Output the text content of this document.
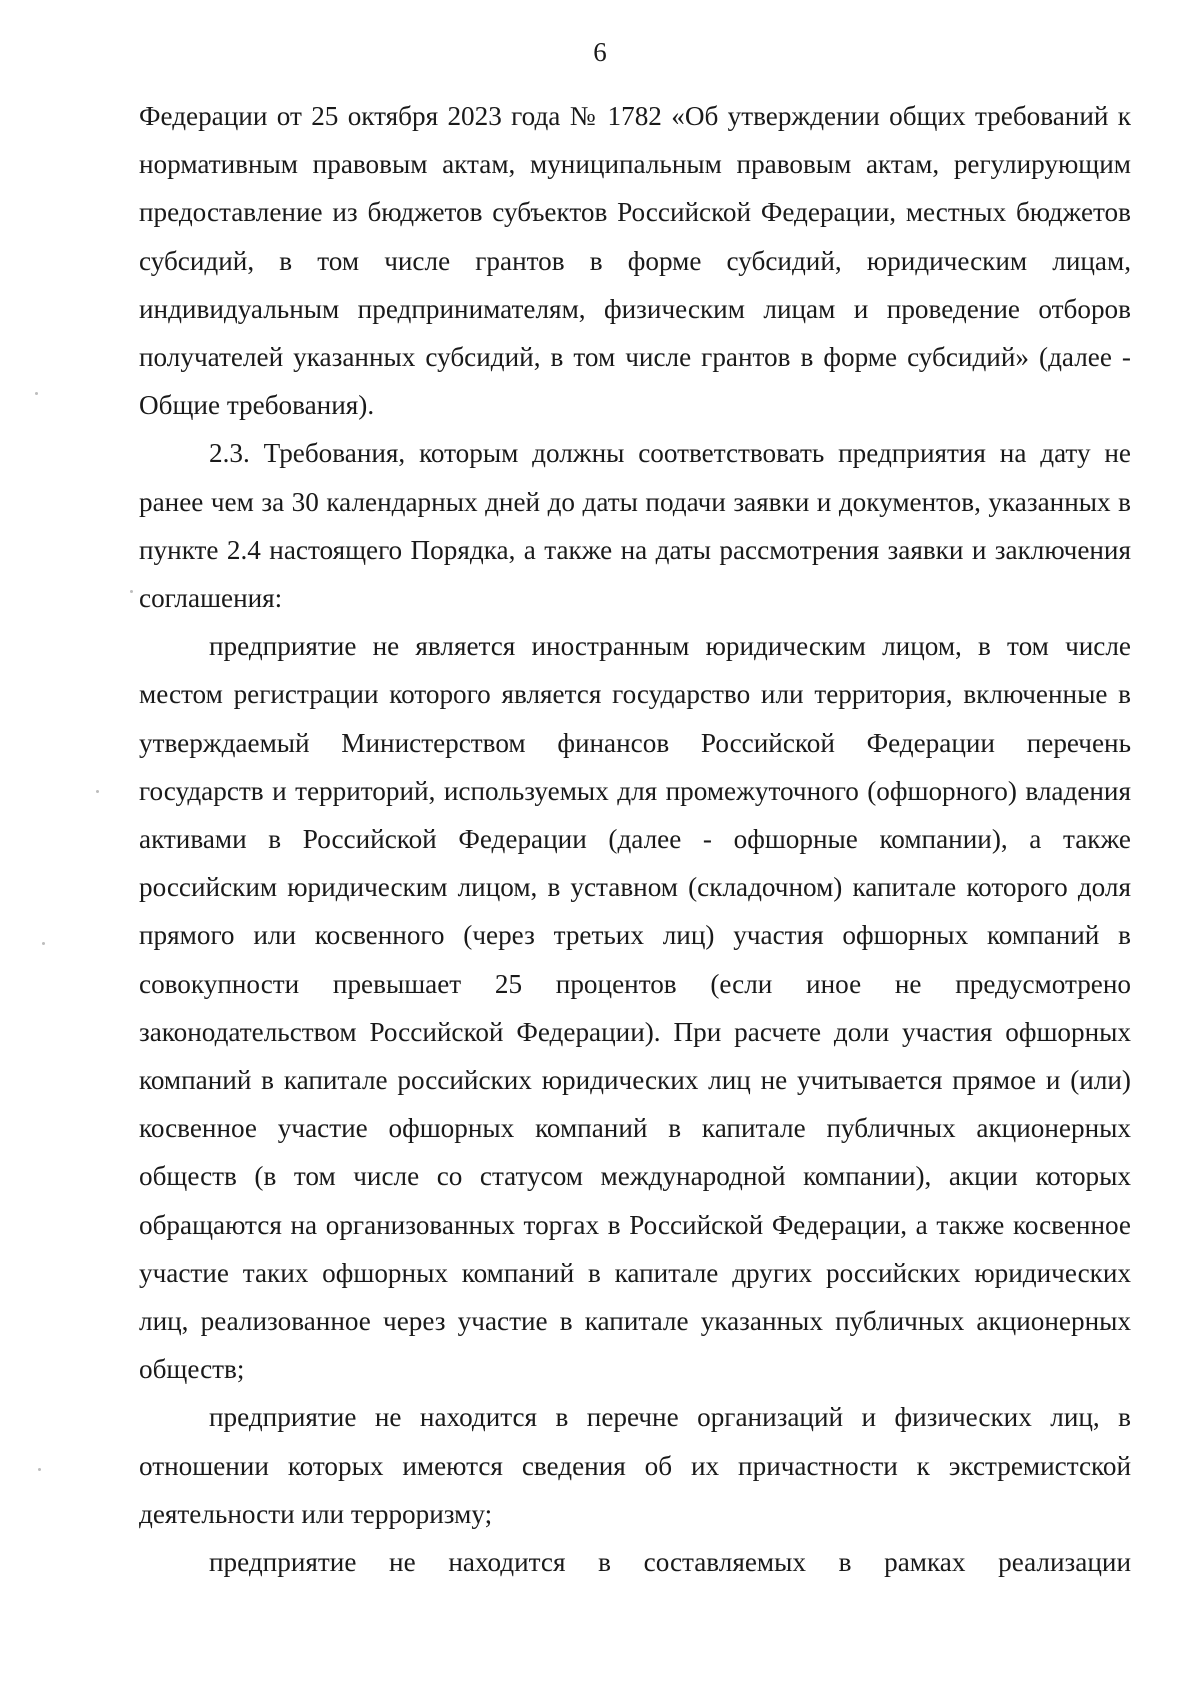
6

Федерации от 25 октября 2023 года № 1782 «Об утверждении общих требований к нормативным правовым актам, муниципальным правовым актам, регулирующим предоставление из бюджетов субъектов Российской Федерации, местных бюджетов субсидий, в том числе грантов в форме субсидий, юридическим лицам, индивидуальным предпринимателям, физическим лицам и проведение отборов получателей указанных субсидий, в том числе грантов в форме субсидий» (далее - Общие требования).

2.3. Требования, которым должны соответствовать предприятия на дату не ранее чем за 30 календарных дней до даты подачи заявки и документов, указанных в пункте 2.4 настоящего Порядка, а также на даты рассмотрения заявки и заключения соглашения:

предприятие не является иностранным юридическим лицом, в том числе местом регистрации которого является государство или территория, включенные в утверждаемый Министерством финансов Российской Федерации перечень государств и территорий, используемых для промежуточного (офшорного) владения активами в Российской Федерации (далее - офшорные компании), а также российским юридическим лицом, в уставном (складочном) капитале которого доля прямого или косвенного (через третьих лиц) участия офшорных компаний в совокупности превышает 25 процентов (если иное не предусмотрено законодательством Российской Федерации). При расчете доли участия офшорных компаний в капитале российских юридических лиц не учитывается прямое и (или) косвенное участие офшорных компаний в капитале публичных акционерных обществ (в том числе со статусом международной компании), акции которых обращаются на организованных торгах в Российской Федерации, а также косвенное участие таких офшорных компаний в капитале других российских юридических лиц, реализованное через участие в капитале указанных публичных акционерных обществ;

предприятие не находится в перечне организаций и физических лиц, в отношении которых имеются сведения об их причастности к экстремистской деятельности или терроризму;

предприятие не находится в составляемых в рамках реализации
